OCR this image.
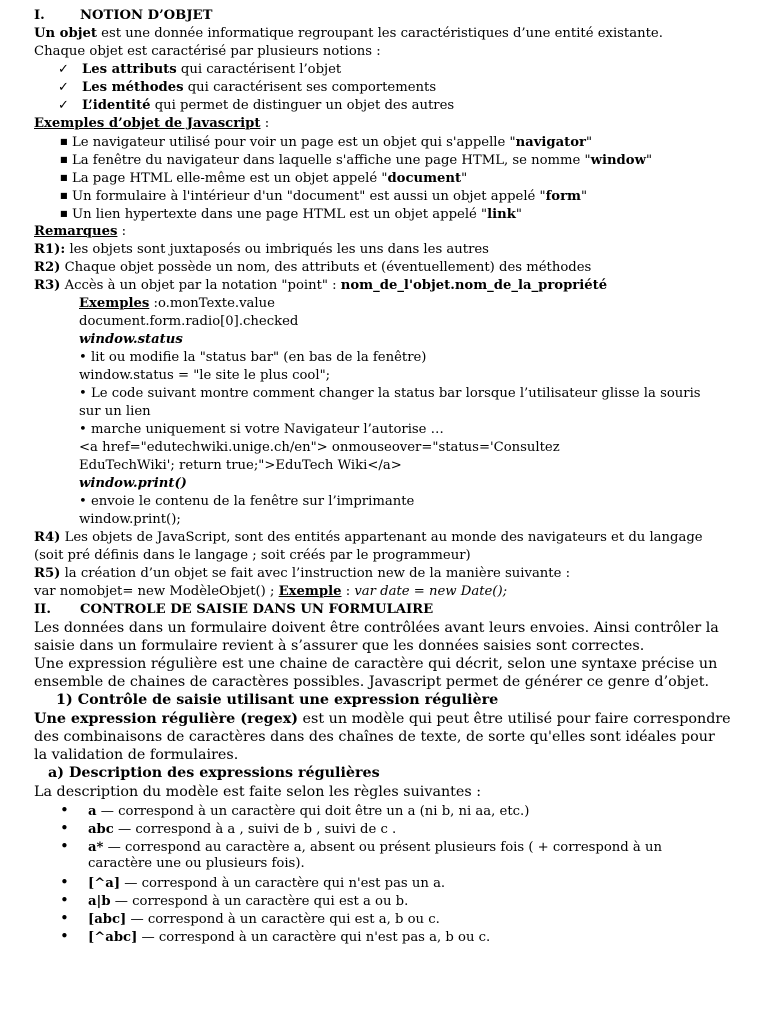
I.	NOTION D’OBJET
Un objet est une donnée informatique regroupant les caractéristiques d’une entité existante.
Chaque objet est caractérisé par plusieurs notions :
✓ Les attributs qui caractérisent l’objet
✓ Les méthodes qui caractérisent ses comportements
✓ L’identité qui permet de distinguer un objet des autres
Exemples d’objet de Javascript :
■ Le navigateur utilisé pour voir un page est un objet qui s'appelle "navigator"
■ La fenêtre du navigateur dans laquelle s'affiche une page HTML, se nomme "window"
■ La page HTML elle-même est un objet appelé "document"
■ Un formulaire à l'intérieur d'un "document" est aussi un objet appelé "form"
■ Un lien hypertexte dans une page HTML est un objet appelé "link"
Remarques :
R1): les objets sont juxtaposés ou imbriqués les uns dans les autres
R2) Chaque objet possède un nom, des attributs et (éventuellement) des méthodes
R3) Accès à un objet par la notation "point" : nom_de_l'objet.nom_de_la_propriété
Exemples :o.monTexte.value
document.form.radio[0].checked
window.status
• lit ou modifie la "status bar" (en bas de la fenêtre)
window.status = "le site le plus cool";
• Le code suivant montre comment changer la status bar lorsque l’utilisateur glisse la souris
sur un lien
• marche uniquement si votre Navigateur l’autorise …
<a href="edutechwiki.unige.ch/en"> onmouseover="status='Consultez
EduTechWiki'; return true;">EduTech Wiki</a>
window.print()
• envoie le contenu de la fenêtre sur l’imprimante
window.print();
R4) Les objets de JavaScript, sont des entités appartenant au monde des navigateurs et du langage
(soit pré définis dans le langage ; soit créés par le programmeur)
R5) la création d’un objet se fait avec l’instruction new de la manière suivante :
var nomobjet= new ModèleObjet() ; Exemple : var date = new Date();
II. CONTROLE DE SAISIE DANS UN FORMULAIRE
Les données dans un formulaire doivent être contrôlées avant leurs envoies. Ainsi contrôler la
saisie dans un formulaire revient à s’assurer que les données saisies sont correctes.
Une expression régulière est une chaine de caractère qui décrit, selon une syntaxe précise un
ensemble de chaines de caractères possibles. Javascript permet de générer ce genre d’objet.
1) Contrôle de saisie utilisant une expression régulière
Une expression régulière (regex) est un modèle qui peut être utilisé pour faire correspondre
des combinaisons de caractères dans des chaînes de texte, de sorte qu'elles sont idéales pour
la validation de formulaires.
a) Description des expressions régulières
La description du modèle est faite selon les règles suivantes :
• a — correspond à un caractère qui doit être un a (ni b, ni aa, etc.)
• abc — correspond à a , suivi de b , suivi de c .
• a* — correspond au caractère a, absent ou présent plusieurs fois ( + correspond à un
caractère une ou plusieurs fois).
• [^a] — correspond à un caractère qui n'est pas un a.
• a|b — correspond à un caractère qui est a ou b.
• [abc] — correspond à un caractère qui est a, b ou c.
• [^abc] — correspond à un caractère qui n'est pas a, b ou c.
